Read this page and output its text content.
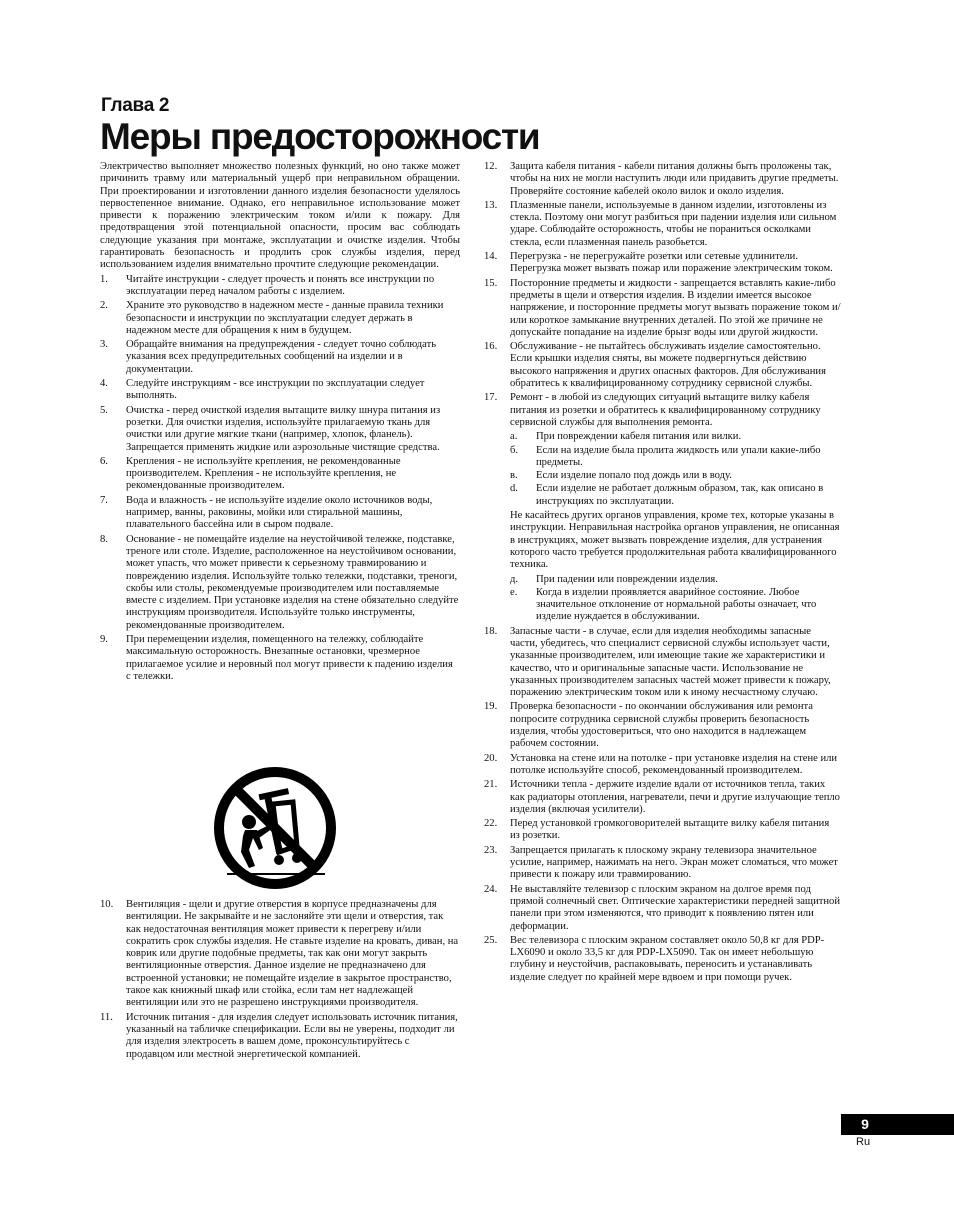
Глава 2
Меры предосторожности

Электричество выполняет множество полезных функций, но оно также может причинить травму или материальный ущерб при неправильном обращении. При проектировании и изготовлении данного изделия безопасности уделялось первостепенное внимание. Однако, его неправильное использование может привести к поражению электрическим током и/или к пожару. Для предотвращения этой потенциальной опасности, просим вас соблюдать следующие указания при монтаже, эксплуатации и очистке изделия. Чтобы гарантировать безопасность и продлить срок службы изделия, перед использованием изделия внимательно прочтите следующие рекомендации.

1. Читайте инструкции - следует прочесть и понять все инструкции по эксплуатации перед началом работы с изделием.
2. Храните это руководство в надежном месте - данные правила техники безопасности и инструкции по эксплуатации следует держать в надежном месте для обращения к ним в будущем.
3. Обращайте внимания на предупреждения - следует точно соблюдать указания всех предупредительных сообщений на изделии и в документации.
4. Следуйте инструкциям - все инструкции по эксплуатации следует выполнять.
5. Очистка - перед очисткой изделия вытащите вилку шнура питания из розетки. Для очистки изделия, используйте прилагаемую ткань для очистки или другие мягкие ткани (например, хлопок, фланель). Запрещается применять жидкие или аэрозольные чистящие средства.
6. Крепления - не используйте крепления, не рекомендованные производителем. Крепления - не используйте крепления, не рекомендованные производителем.
7. Вода и влажность - не используйте изделие около источников воды, например, ванны, раковины, мойки или стиральной машины, плавательного бассейна или в сыром подвале.
8. Основание - не помещайте изделие на неустойчивой тележке, подставке, треноге или столе. Изделие, расположенное на неустойчивом основании, может упасть, что может привести к серьезному травмированию и повреждению изделия. Используйте только тележки, подставки, треноги, скобы или столы, рекомендуемые производителем или поставляемые вместе с изделием. При установке изделия на стене обязательно следуйте инструкциям производителя. Используйте только инструменты, рекомендованные производителем.
9. При перемещении изделия, помещенного на тележку, соблюдайте максимальную осторожность. Внезапные остановки, чрезмерное прилагаемое усилие и неровный пол могут привести к падению изделия с тележки.
10. Вентиляция - щели и другие отверстия в корпусе предназначены для вентиляции. Не закрывайте и не заслоняйте эти щели и отверстия, так как недостаточная вентиляция может привести к перегреву и/или сократить срок службы изделия. Не ставьте изделие на кровать, диван, на коврик или другие подобные предметы, так как они могут закрыть вентиляционные отверстия. Данное изделие не предназначено для встроенной установки; не помещайте изделие в закрытое пространство, такое как книжный шкаф или стойка, если там нет надлежащей вентиляции или это не разрешено инструкциями производителя.
11. Источник питания - для изделия следует использовать источник питания, указанный на табличке спецификации. Если вы не уверены, подходит ли для изделия электросеть в вашем доме, проконсультируйтесь с продавцом или местной энергетической компанией.
12. Защита кабеля питания - кабели питания должны быть проложены так, чтобы на них не могли наступить люди или придавить другие предметы. Проверяйте состояние кабелей около вилок и около изделия.
13. Плазменные панели, используемые в данном изделии, изготовлены из стекла. Поэтому они могут разбиться при падении изделия или сильном ударе. Соблюдайте осторожность, чтобы не пораниться осколками стекла, если плазменная панель разобьется.
14. Перегрузка - не перегружайте розетки или сетевые удлинители. Перегрузка может вызвать пожар или поражение электрическим током.
15. Посторонние предметы и жидкости - запрещается вставлять какие-либо предметы в щели и отверстия изделия. В изделии имеется высокое напряжение, и посторонние предметы могут вызвать поражение током и/или короткое замыкание внутренних деталей. По этой же причине не допускайте попадание на изделие брызг воды или другой жидкости.
16. Обслуживание - не пытайтесь обслуживать изделие самостоятельно. Если крышки изделия сняты, вы можете подвергнуться действию высокого напряжения и других опасных факторов. Для обслуживания обратитесь к квалифицированному сотруднику сервисной службы.
17. Ремонт - в любой из следующих ситуаций вытащите вилку кабеля питания из розетки и обратитесь к квалифицированному сотруднику сервисной службы для выполнения ремонта.
a. При повреждении кабеля питания или вилки.
б. Если на изделие была пролита жидкость или упали какие-либо предметы.
в. Если изделие попало под дождь или в воду.
d. Если изделие не работает должным образом, так, как описано в инструкциях по эксплуатации.
Не касайтесь других органов управления, кроме тех, которые указаны в инструкции. Неправильная настройка органов управления, не описанная в инструкциях, может вызвать повреждение изделия, для устранения которого часто требуется продолжительная работа квалифицированного техника.
д. При падении или повреждении изделия.
е. Когда в изделии проявляется аварийное состояние. Любое значительное отклонение от нормальной работы означает, что изделие нуждается в обслуживании.
18. Запасные части - в случае, если для изделия необходимы запасные части, убедитесь, что специалист сервисной службы использует части, указанные производителем, или имеющие такие же характеристики и качество, что и оригинальные запасные части. Использование не указанных производителем запасных частей может привести к пожару, поражению электрическим током или к иному несчастному случаю.
19. Проверка безопасности - по окончании обслуживания или ремонта попросите сотрудника сервисной службы проверить безопасность изделия, чтобы удостовериться, что оно находится в надлежащем рабочем состоянии.
20. Установка на стене или на потолке - при установке изделия на стене или потолке используйте способ, рекомендованный производителем.
21. Источники тепла - держите изделие вдали от источников тепла, таких как радиаторы отопления, нагреватели, печи и другие излучающие тепло изделия (включая усилители).
22. Перед установкой громкоговорителей вытащите вилку кабеля питания из розетки.
23. Запрещается прилагать к плоскому экрану телевизора значительное усилие, например, нажимать на него. Экран может сломаться, что может привести к пожару или травмированию.
24. Не выставляйте телевизор с плоским экраном на долгое время под прямой солнечный свет. Оптические характеристики передней защитной панели при этом изменяются, что приводит к появлению пятен или деформации.
25. Вес телевизора с плоским экраном составляет около 50,8 кг для PDP-LX6090 и около 33,5 кг для PDP-LX5090. Так он имеет небольшую глубину и неустойчив, распаковывать, переносить и устанавливать изделие следует по крайней мере вдвоем и при помощи ручек.
9
Ru
